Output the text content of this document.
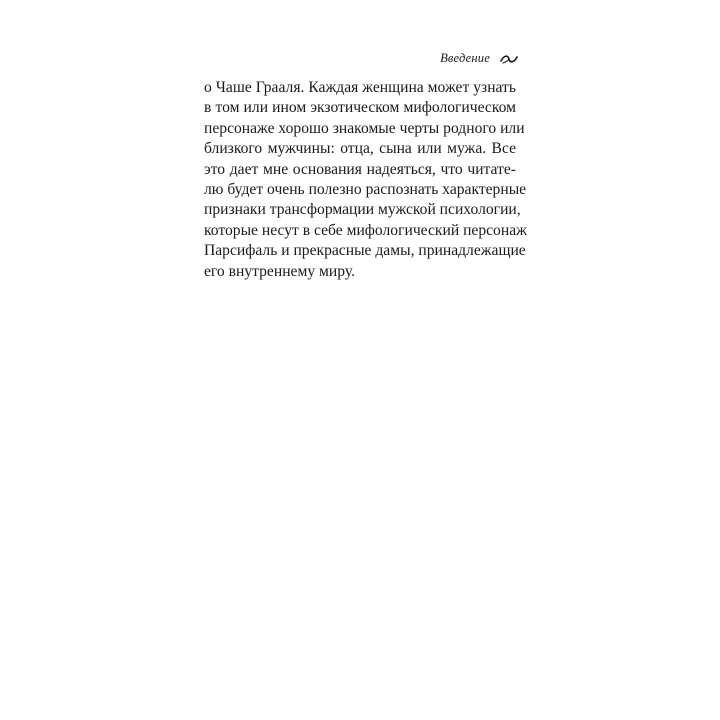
Введение
о Чаше Грааля. Каждая женщина может узнать
в том или ином экзотическом мифологическом
персонаже хорошо знакомые черты родного или
близкого мужчины: отца, сына или мужа. Все
это дает мне основания надеяться, что читате-
лю будет очень полезно распознать характерные
признаки трансформации мужской психологии,
которые несут в себе мифологический персонаж
Парсифаль и прекрасные дамы, принадлежащие
его внутреннему миру.
